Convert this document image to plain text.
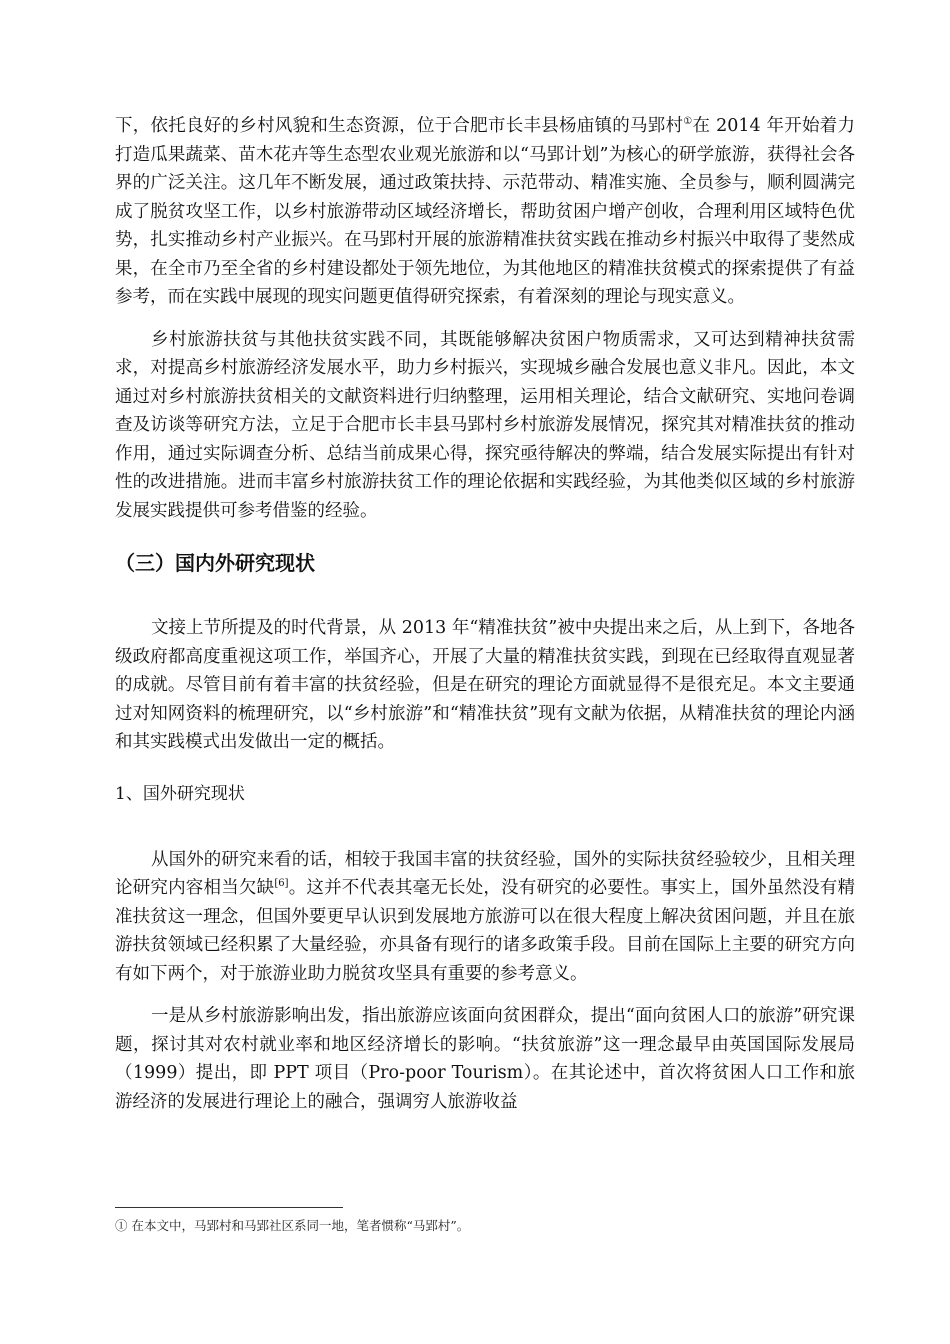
下，依托良好的乡村风貌和生态资源，位于合肥市长丰县杨庙镇的马郢村①在 2014 年开始着力打造瓜果蔬菜、苗木花卉等生态型农业观光旅游和以“马郢计划”为核心的研学旅游，获得社会各界的广泛关注。这几年不断发展，通过政策扶持、示范带动、精准实施、全员参与，顺利圆满完成了脱贫攻坚工作，以乡村旅游带动区域经济增长，帮助贫困户增产创收，合理利用区域特色优势，扎实推动乡村产业振兴。在马郢村开展的旅游精准扶贫实践在推动乡村振兴中取得了斐然成果，在全市乃至全省的乡村建设都处于领先地位，为其他地区的精准扶贫模式的探索提供了有益参考，而在实践中展现的现实问题更值得研究探索，有着深刻的理论与现实意义。

乡村旅游扶贫与其他扶贫实践不同，其既能够解决贫困户物质需求，又可达到精神扶贫需求，对提高乡村旅游经济发展水平，助力乡村振兴，实现城乡融合发展也意义非凡。因此，本文通过对乡村旅游扶贫相关的文献资料进行归纳整理，运用相关理论，结合文献研究、实地问卷调查及访谈等研究方法，立足于合肥市长丰县马郢村乡村旅游发展情况，探究其对精准扶贫的推动作用，通过实际调查分析、总结当前成果心得，探究亟待解决的弊端，结合发展实际提出有针对性的改进措施。进而丰富乡村旅游扶贫工作的理论依据和实践经验，为其他类似区域的乡村旅游发展实践提供可参考借鉴的经验。

（三）国内外研究现状

文接上节所提及的时代背景，从 2013 年“精准扶贫”被中央提出来之后，从上到下，各地各级政府都高度重视这项工作，举国齐心，开展了大量的精准扶贫实践，到现在已经取得直观显著的成就。尽管目前有着丰富的扶贫经验，但是在研究的理论方面就显得不是很充足。本文主要通过对知网资料的梳理研究，以“乡村旅游”和“精准扶贫”现有文献为依据，从精准扶贫的理论内涵和其实践模式出发做出一定的概括。

1、国外研究现状

从国外的研究来看的话，相较于我国丰富的扶贫经验，国外的实际扶贫经验较少，且相关理论研究内容相当欠缺[6]。这并不代表其毫无长处，没有研究的必要性。事实上，国外虽然没有精准扶贫这一理念，但国外要更早认识到发展地方旅游可以在很大程度上解决贫困问题，并且在旅游扶贫领域已经积累了大量经验，亦具备有现行的诸多政策手段。目前在国际上主要的研究方向有如下两个，对于旅游业助力脱贫攻坚具有重要的参考意义。

一是从乡村旅游影响出发，指出旅游应该面向贫困群众，提出“面向贫困人口的旅游”研究课题，探讨其对农村就业率和地区经济增长的影响。“扶贫旅游”这一理念最早由英国国际发展局（1999）提出，即 PPT 项目（Pro-poor Tourism）。在其论述中，首次将贫困人口工作和旅游经济的发展进行理论上的融合，强调穷人旅游收益

① 在本文中，马郢村和马郢社区系同一地，笔者惯称“马郢村”。
